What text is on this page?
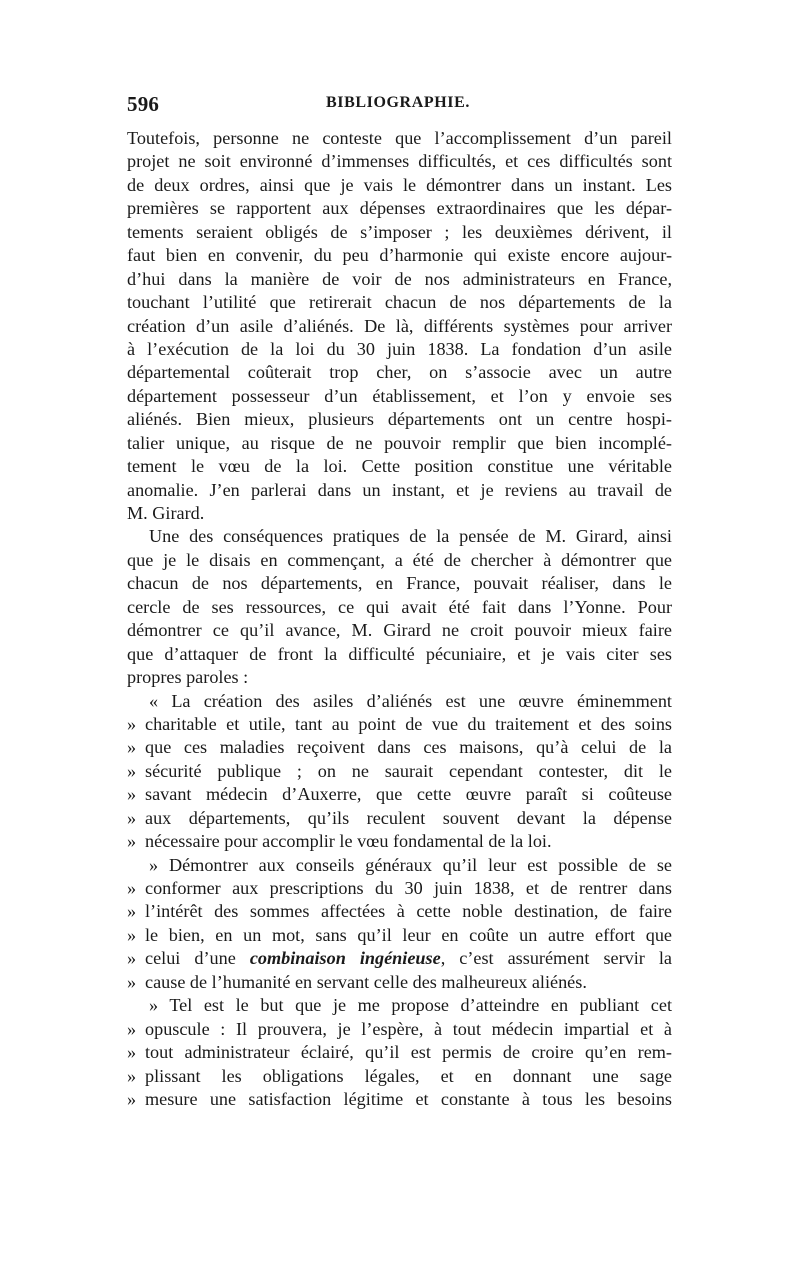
596	BIBLIOGRAPHIE.
Toutefois, personne ne conteste que l’accomplissement d’un pareil
projet ne soit environné d’immenses difficultés, et ces difficultés sont
de deux ordres, ainsi que je vais le démontrer dans un instant. Les
premières se rapportent aux dépenses extraordinaires que les dépar-
tements seraient obligés de s’imposer ; les deuxièmes dérivent, il
faut bien en convenir, du peu d’harmonie qui existe encore aujour-
d’hui dans la manière de voir de nos administrateurs en France,
touchant l’utilité que retirerait chacun de nos départements de la
création d’un asile d’aliénés. De là, différents systèmes pour arriver
à l’exécution de la loi du 30 juin 1838. La fondation d’un asile
départemental coûterait trop cher, on s’associe avec un autre
département possesseur d’un établissement, et l’on y envoie ses
aliénés. Bien mieux, plusieurs départements ont un centre hospi-
talier unique, au risque de ne pouvoir remplir que bien incomplé-
tement le vœu de la loi. Cette position constitue une véritable
anomalie. J’en parlerai dans un instant, et je reviens au travail de
M. Girard.
Une des conséquences pratiques de la pensée de M. Girard, ainsi
que je le disais en commençant, a été de chercher à démontrer que
chacun de nos départements, en France, pouvait réaliser, dans le
cercle de ses ressources, ce qui avait été fait dans l’Yonne. Pour
démontrer ce qu’il avance, M. Girard ne croit pouvoir mieux faire
que d’attaquer de front la difficulté pécuniaire, et je vais citer ses
propres paroles :
« La création des asiles d’aliénés est une œuvre éminemment
» charitable et utile, tant au point de vue du traitement et des soins
» que ces maladies reçoivent dans ces maisons, qu’à celui de la
» sécurité publique ; on ne saurait cependant contester, dit le
» savant médecin d’Auxerre, que cette œuvre paraît si coûteuse
» aux départements, qu’ils reculent souvent devant la dépense
» nécessaire pour accomplir le vœu fondamental de la loi.
» Démontrer aux conseils généraux qu’il leur est possible de se
» conformer aux prescriptions du 30 juin 1838, et de rentrer dans
» l’intérêt des sommes affectées à cette noble destination, de faire
» le bien, en un mot, sans qu’il leur en coûte un autre effort que
» celui d’une combinaison ingénieuse, c’est assurément servir la
» cause de l’humanité en servant celle des malheureux aliénés.
» Tel est le but que je me propose d’atteindre en publiant cet
» opuscule : Il prouvera, je l’espère, à tout médecin impartial et à
» tout administrateur éclairé, qu’il est permis de croire qu’en rem-
» plissant les obligations légales, et en donnant une sage
» mesure une satisfaction légitime et constante à tous les besoins
